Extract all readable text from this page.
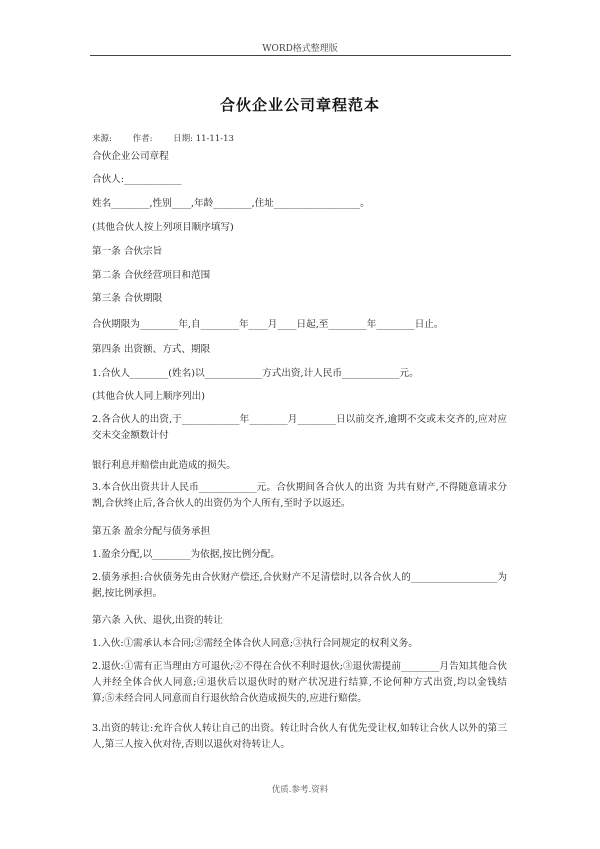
WORD格式整理版
合伙企业公司章程范本
来源: 作者: 日期: 11-11-13
合伙企业公司章程
合伙人:____________
姓名________,性别____,年龄________,住址__________________。
(其他合伙人按上列项目顺序填写)
第一条 合伙宗旨
第二条 合伙经营项目和范围
第三条 合伙期限
合伙期限为________年,自________年____月____日起,至________年________日止。
第四条 出资额、方式、期限
1.合伙人________(姓名)以____________方式出资,计人民币____________元。
(其他合伙人同上顺序列出)
2.各合伙人的出资,于____________年________月________日以前交齐,逾期不交或未交齐的,应对应交未交金额数计付
银行利息并赔偿由此造成的损失。
3.本合伙出资共计人民币____________元。合伙期间各合伙人的出资 为共有财产,不得随意请求分割,合伙终止后,各合伙人的出资仍为个人所有,至时予以返还。
第五条 盈余分配与债务承担
1.盈余分配,以________为依据,按比例分配。
2.债务承担:合伙债务先由合伙财产偿还,合伙财产不足清偿时,以各合伙人的__________________为据,按比例承担。
第六条 入伙、退伙,出资的转让
1.入伙:①需承认本合同;②需经全体合伙人同意;③执行合同规定的权利义务。
2.退伙:①需有正当理由方可退伙;②不得在合伙不利时退伙;③退伙需提前________月告知其他合伙人并经全体合伙人同意;④退伙后以退伙时的财产状况进行结算,不论何种方式出资,均以金钱结算;⑤未经合同人同意而自行退伙给合伙造成损失的,应进行赔偿。
3.出资的转让:允许合伙人转让自己的出资。转让时合伙人有优先受让权,如转让合伙人以外的第三人,第三人按入伙对待,否则以退伙对待转让人。
优质.参考.资料
